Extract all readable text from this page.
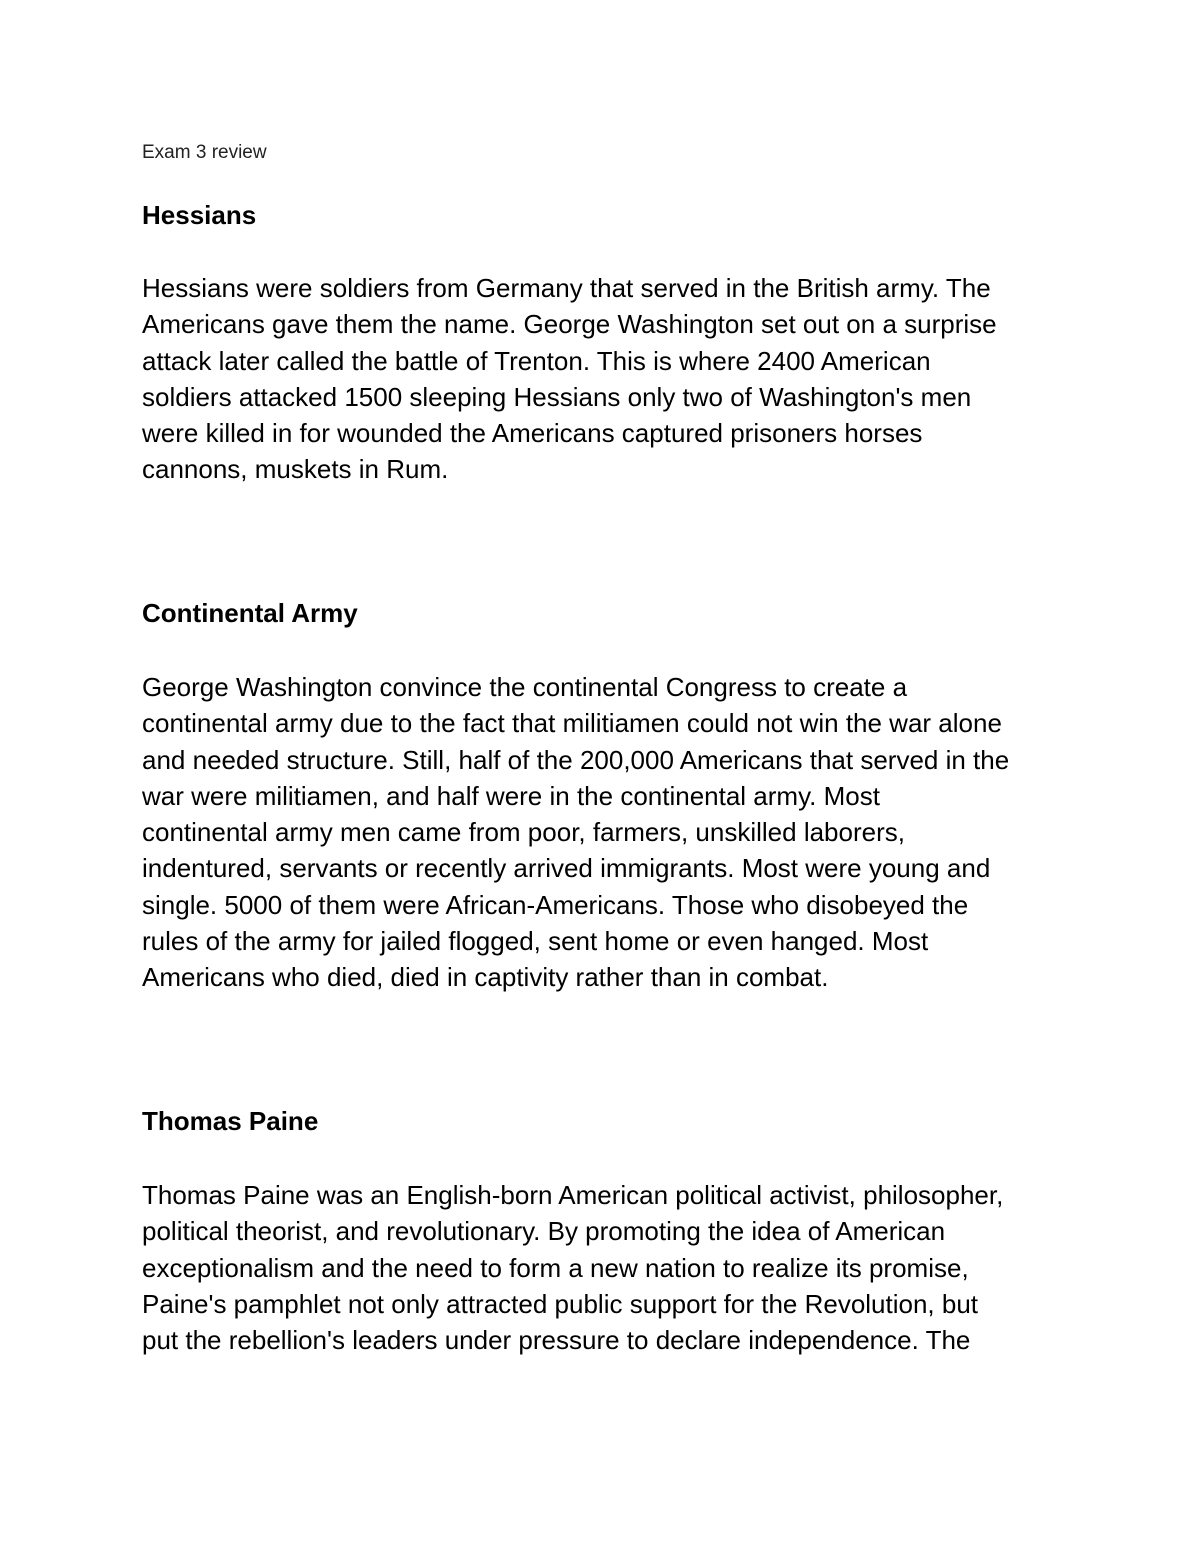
Exam 3 review
Hessians
Hessians were soldiers from Germany that served in the British army. The
Americans gave them the name. George Washington set out on a surprise
attack later called the battle of Trenton. This is where 2400 American
soldiers attacked 1500 sleeping Hessians only two of Washington's men
were killed in for wounded the Americans captured prisoners horses
cannons, muskets in Rum.
Continental Army
George Washington convince the continental Congress to create a
continental army due to the fact that militiamen could not win the war alone
and needed structure. Still, half of the 200,000 Americans that served in the
war were militiamen, and half were in the continental army. Most
continental army men came from poor, farmers, unskilled laborers,
indentured, servants or recently arrived immigrants. Most were young and
single. 5000 of them were African-Americans. Those who disobeyed the
rules of the army for jailed flogged, sent home or even hanged. Most
Americans who died, died in captivity rather than in combat.
Thomas Paine
Thomas Paine was an English-born American political activist, philosopher,
political theorist, and revolutionary. By promoting the idea of American
exceptionalism and the need to form a new nation to realize its promise,
Paine's pamphlet not only attracted public support for the Revolution, but
put the rebellion's leaders under pressure to declare independence. The
